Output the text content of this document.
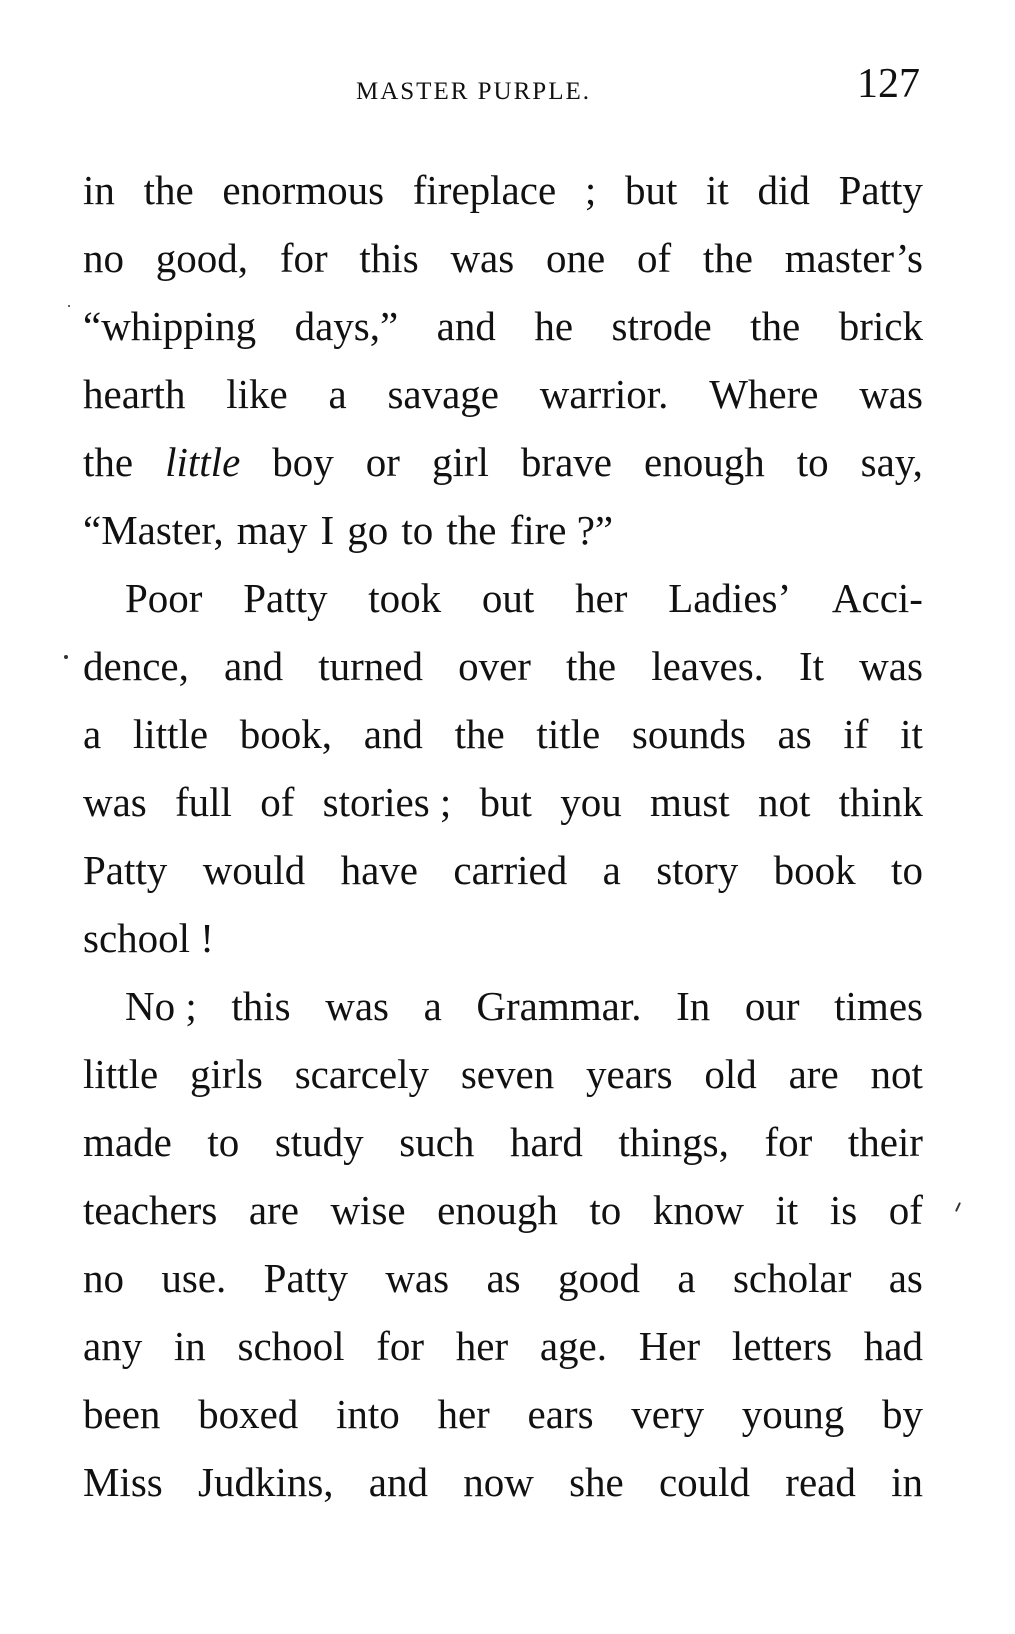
MASTER PURPLE.	127
in the enormous fireplace ; but it did Patty
no good, for this was one of the master’s
“whipping days,” and he strode the brick
hearth like a savage warrior. Where was
the little boy or girl brave enough to say,
“Master, may I go to the fire ?”
Poor Patty took out her Ladies’ Acci-
dence, and turned over the leaves. It was
a little book, and the title sounds as if it
was full of stories ; but you must not think
Patty would have carried a story book to
school !
No ; this was a Grammar. In our times
little girls scarcely seven years old are not
made to study such hard things, for their
teachers are wise enough to know it is of
no use. Patty was as good a scholar as
any in school for her age. Her letters had
been boxed into her ears very young by
Miss Judkins, and now she could read in
